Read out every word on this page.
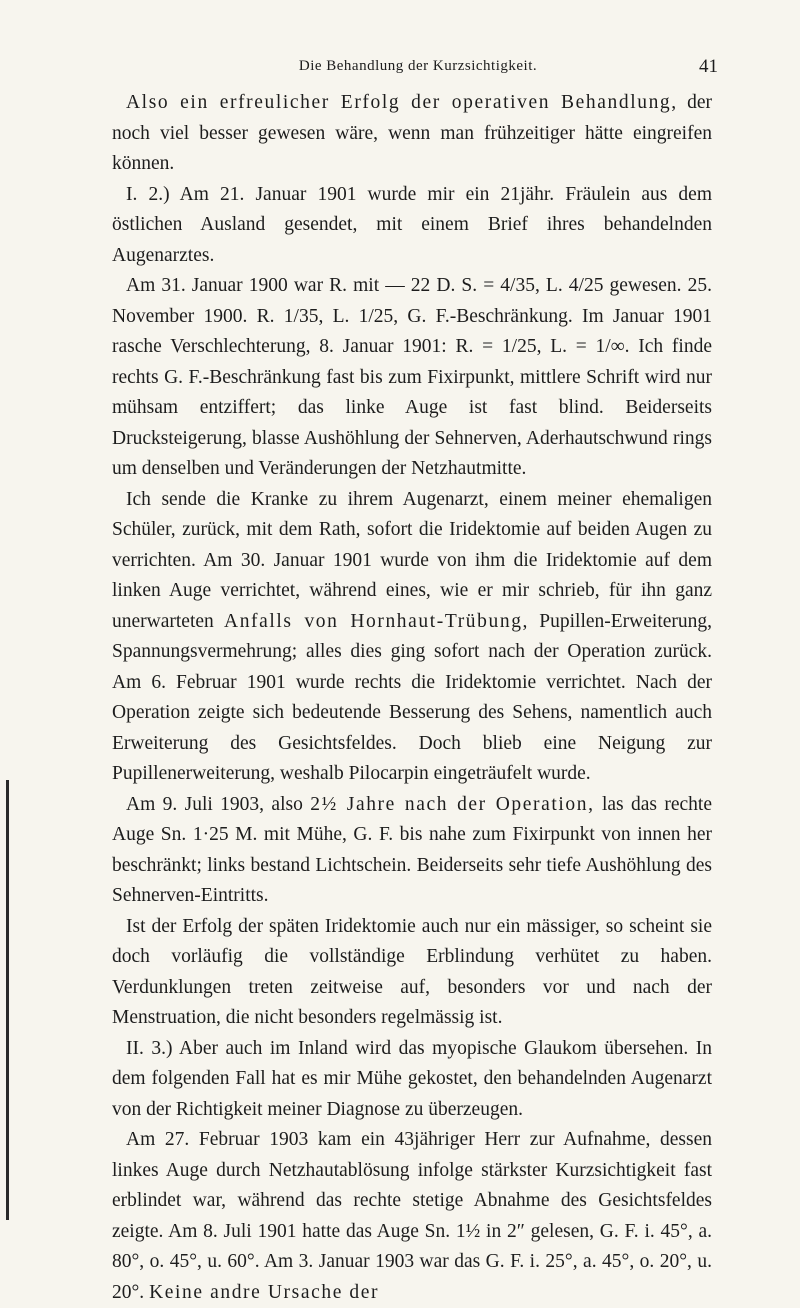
Die Behandlung der Kurzsichtigkeit.	41

Also ein erfreulicher Erfolg der operativen Behandlung, der noch viel besser gewesen wäre, wenn man frühzeitiger hätte eingreifen können.

I. 2.) Am 21. Januar 1901 wurde mir ein 21jähr. Fräulein aus dem östlichen Ausland gesendet, mit einem Brief ihres behandelnden Augenarztes.

Am 31. Januar 1900 war R. mit — 22 D. S. = 4/35, L. 4/25 gewesen. 25. November 1900. R. 1/35, L. 1/25, G. F.-Beschränkung. Im Januar 1901 rasche Verschlechterung, 8. Januar 1901: R. = 1/25, L. = 1/∞. Ich finde rechts G. F.-Beschränkung fast bis zum Fixirpunkt, mittlere Schrift wird nur mühsam entziffert; das linke Auge ist fast blind. Beiderseits Drucksteigerung, blasse Aushöhlung der Sehnerven, Aderhautschwund rings um denselben und Veränderungen der Netzhautmitte.

Ich sende die Kranke zu ihrem Augenarzt, einem meiner ehemaligen Schüler, zurück, mit dem Rath, sofort die Iridektomie auf beiden Augen zu verrichten. Am 30. Januar 1901 wurde von ihm die Iridektomie auf dem linken Auge verrichtet, während eines, wie er mir schrieb, für ihn ganz unerwarteten Anfalls von Hornhaut-Trübung, Pupillen-Erweiterung, Spannungsvermehrung; alles dies ging sofort nach der Operation zurück. Am 6. Februar 1901 wurde rechts die Iridektomie verrichtet. Nach der Operation zeigte sich bedeutende Besserung des Sehens, namentlich auch Erweiterung des Gesichtsfeldes. Doch blieb eine Neigung zur Pupillenerweiterung, weshalb Pilocarpin eingeträufelt wurde.

Am 9. Juli 1903, also 2½ Jahre nach der Operation, las das rechte Auge Sn. 1·25 M. mit Mühe, G. F. bis nahe zum Fixirpunkt von innen her beschränkt; links bestand Lichtschein. Beiderseits sehr tiefe Aushöhlung des Sehnerven-Eintritts.

Ist der Erfolg der späten Iridektomie auch nur ein mässiger, so scheint sie doch vorläufig die vollständige Erblindung verhütet zu haben. Verdunklungen treten zeitweise auf, besonders vor und nach der Menstruation, die nicht besonders regelmässig ist.

II. 3.) Aber auch im Inland wird das myopische Glaukom übersehen. In dem folgenden Fall hat es mir Mühe gekostet, den behandelnden Augenarzt von der Richtigkeit meiner Diagnose zu überzeugen.

Am 27. Februar 1903 kam ein 43jähriger Herr zur Aufnahme, dessen linkes Auge durch Netzhautablösung infolge stärkster Kurzsichtigkeit fast erblindet war, während das rechte stetige Abnahme des Gesichtsfeldes zeigte. Am 8. Juli 1901 hatte das Auge Sn. 1½ in 2″ gelesen, G. F. i. 45°, a. 80°, o. 45°, u. 60°. Am 3. Januar 1903 war das G. F. i. 25°, a. 45°, o. 20°, u. 20°. Keine andre Ursache der
